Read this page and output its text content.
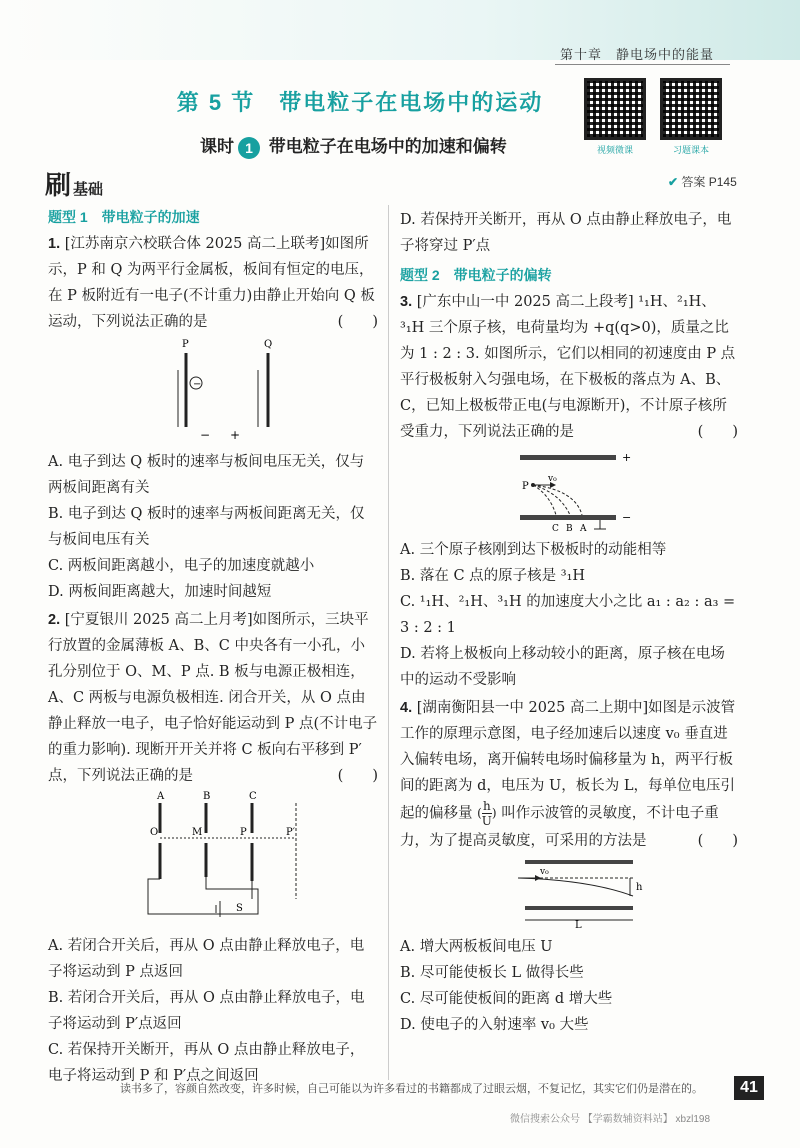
第十章　静电场中的能量
第 5 节　带电粒子在电场中的运动
课时 1 带电粒子在电场中的加速和偏转	视频微课	习题课本
刷基础	✔ 答案 P145
题型 1　带电粒子的加速
1. [江苏南京六校联合体 2025 高二上联考]如图所示，P 和 Q 为两平行金属板，板间有恒定的电压，在 P 板附近有一电子(不计重力)由静止开始向 Q 板运动，下列说法正确的是	(　　)
−
P	Q
− +
A. 电子到达 Q 板时的速率与板间电压无关，仅与两板间距离有关
B. 电子到达 Q 板时的速率与两板间距离无关，仅与板间电压有关
C. 两板间距离越小，电子的加速度就越小
D. 两板间距离越大，加速时间越短
2. [宁夏银川 2025 高二上月考]如图所示，三块平行放置的金属薄板 A、B、C 中央各有一小孔，小孔分别位于 O、M、P 点. B 板与电源正极相连，A、C 两板与电源负极相连. 闭合开关，从 O 点由静止释放一电子，电子恰好能运动到 P 点(不计电子的重力影响). 现断开开关并将 C 板向右平移到 P′点，下列说法正确的是	(　　)
A	B	C
O	M	P	P′
S
A. 若闭合开关后，再从 O 点由静止释放电子，电子将运动到 P 点返回
B. 若闭合开关后，再从 O 点由静止释放电子，电子将运动到 P′点返回
C. 若保持开关断开，再从 O 点由静止释放电子，电子将运动到 P 和 P′点之间返回
D. 若保持开关断开，再从 O 点由静止释放电子，电子将穿过 P′点
题型 2　带电粒子的偏转
3. [广东中山一中 2025 高二上段考] ¹₁H、²₁H、³₁H 三个原子核，电荷量均为 +q(q>0)，质量之比为 1 : 2 : 3. 如图所示，它们以相同的初速度由 P 点平行极板射入匀强电场，在下极板的落点为 A、B、C，已知上极板带正电(与电源断开)，不计原子核所受重力，下列说法正确的是	(　　)
P
v₀
C B A
+
−
A. 三个原子核刚到达下极板时的动能相等
B. 落在 C 点的原子核是 ³₁H
C. ¹₁H、²₁H、³₁H 的加速度大小之比 a₁ : a₂ : a₃ = 3 : 2 : 1
D. 若将上极板向上移动较小的距离，原子核在电场中的运动不受影响
4. [湖南衡阳县一中 2025 高二上期中]如图是示波管工作的原理示意图，电子经加速后以速度 v₀ 垂直进入偏转电场，离开偏转电场时偏移量为 h，两平行板间的距离为 d，电压为 U，板长为 L，每单位电压引起的偏移量 ( $\frac{h}{U}$ ) 叫作示波管的灵敏度，不计电子重力，为了提高灵敏度，可采用的方法是	(　　)
v₀
h
L
A. 增大两板板间电压 U
B. 尽可能使板长 L 做得长些
C. 尽可能使板间的距离 d 增大些
D. 使电子的入射速率 v₀ 大些
读书多了，容颜自然改变，许多时候，自己可能以为许多看过的书籍都成了过眼云烟，不复记忆，其实它们仍是潜在的。	41
微信搜索公众号 【学霸数辅资料站】 xbzl198
